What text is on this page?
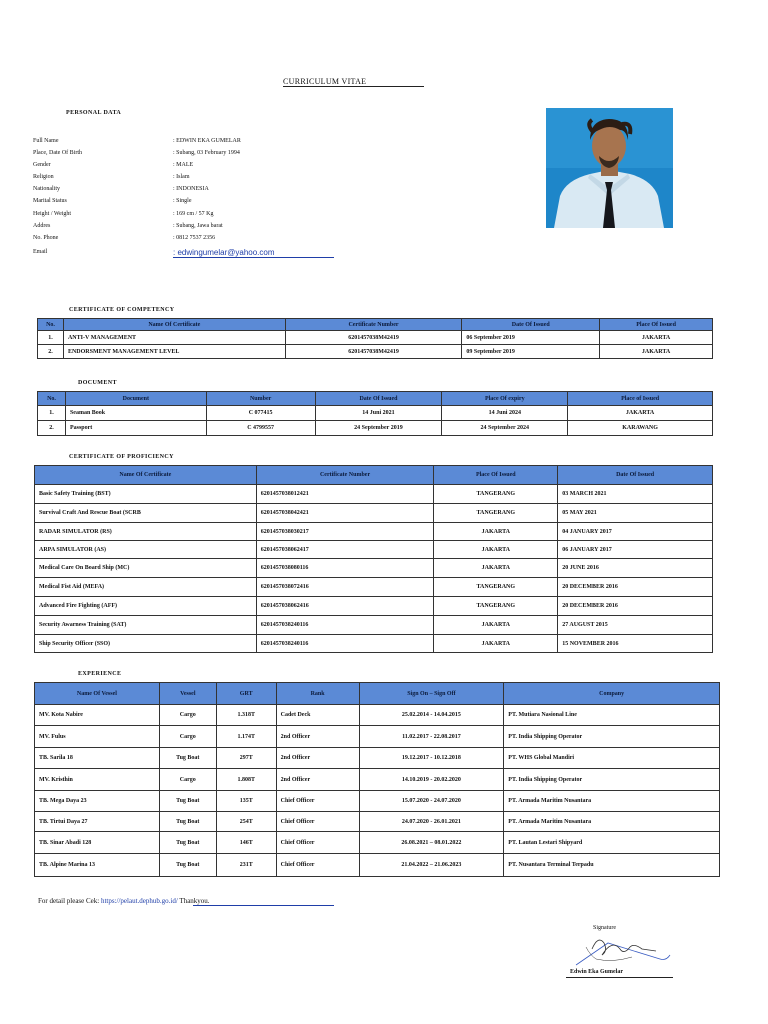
CURRICULUM VITAE
PERSONAL DATA
Full Name	: EDWIN EKA GUMELAR
Place, Date Of Birth	: Subang, 03 February 1994
Gender	: MALE
Religion	: Islam
Nationality	: INDONESIA
Marital Status	: Single
Height / Weight	: 169 cm / 57 Kg
Addres	: Subang, Jawa barat
No. Phone	: 0812 7537 2356
Email	: edwingumelar@yahoo.com
CERTIFICATE OF COMPETENCY
No.	Name Of Certificate	Certificate Number	Date Of Issued	Place Of Issued
1.	ANTI-V MANAGEMENT	6201457038M42419	06 September 2019	JAKARTA
2.	ENDORSMENT MANAGEMENT LEVEL	6201457038M42419	09 September 2019	JAKARTA
DOCUMENT
No.	Document	Number	Date Of Issued	Place Of expiry	Place of Issued
1.	Seaman Book	C 077415	14 Juni 2021	14 Juni 2024	JAKARTA
2.	Passport	C 4799557	24 September 2019	24 September 2024	KARAWANG
CERTIFICATE OF PROFICIENCY
Name Of Certificate	Certificate Number	Place Of Issued	Date Of Issued
Basic Safety Training (BST)	6201457038012421	TANGERANG	03 MARCH 2021
Survival Craft And Rescue Boat (SCRB	6201457038042421	TANGERANG	05 MAY 2021
RADAR SIMULATOR (RS)	6201457038030217	JAKARTA	04 JANUARY 2017
ARPA SIMULATOR (AS)	6201457038062417	JAKARTA	06 JANUARY 2017
Medical Care On Board Ship (MC)	6201457038080116	JAKARTA	20 JUNE 2016
Medical Fist Aid (MEFA)	6201457038072416	TANGERANG	20 DECEMBER 2016
Advanced Fire Fighting (AFF)	6201457038062416	TANGERANG	20 DECEMBER 2016
Security Awarness Training (SAT)	6201457038240116	JAKARTA	27 AUGUST 2015
Ship Security Officer (SSO)	6201457038240116	JAKARTA	15 NOVEMBER 2016
EXPERIENCE
Name Of Vessel	Vessel	GRT	Rank	Sign On – Sign Off	Company
MV. Kota Nabire	Cargo	1.318T	Cadet Deck	25.02.2014 - 14.04.2015	PT. Mutiara Nasional Line
MV. Fulus	Cargo	1.174T	2nd Officer	11.02.2017 - 22.08.2017	PT. India Shipping Operator
TB. Sarila 18	Tug Boat	297T	2nd Officer	19.12.2017 - 10.12.2018	PT. WHS Global Mandiri
MV. Kristhin	Cargo	1.808T	2nd Officer	14.10.2019 - 20.02.2020	PT. India Shipping Operator
TB. Mega Daya 23	Tug Boat	135T	Chief Officer	15.07.2020 - 24.07.2020	PT. Armada Maritim Nusantara
TB. Tirtui Daya 27	Tug Boat	254T	Chief Officer	24.07.2020 - 26.01.2021	PT. Armada Maritim Nusantara
TB. Sinar Abadi 128	Tug Boat	146T	Chief Officer	26.08.2021 – 08.01.2022	PT. Lautan Lestari Shipyard
TB. Alpine Marina 13	Tug Boat	231T	Chief Officer	21.04.2022 – 21.06.2023	PT. Nusantara Terminal Terpadu
For detail please Cek: https://pelaut.dephub.go.id/ Thankyou.
Signature
Edwin Eka Gumelar
